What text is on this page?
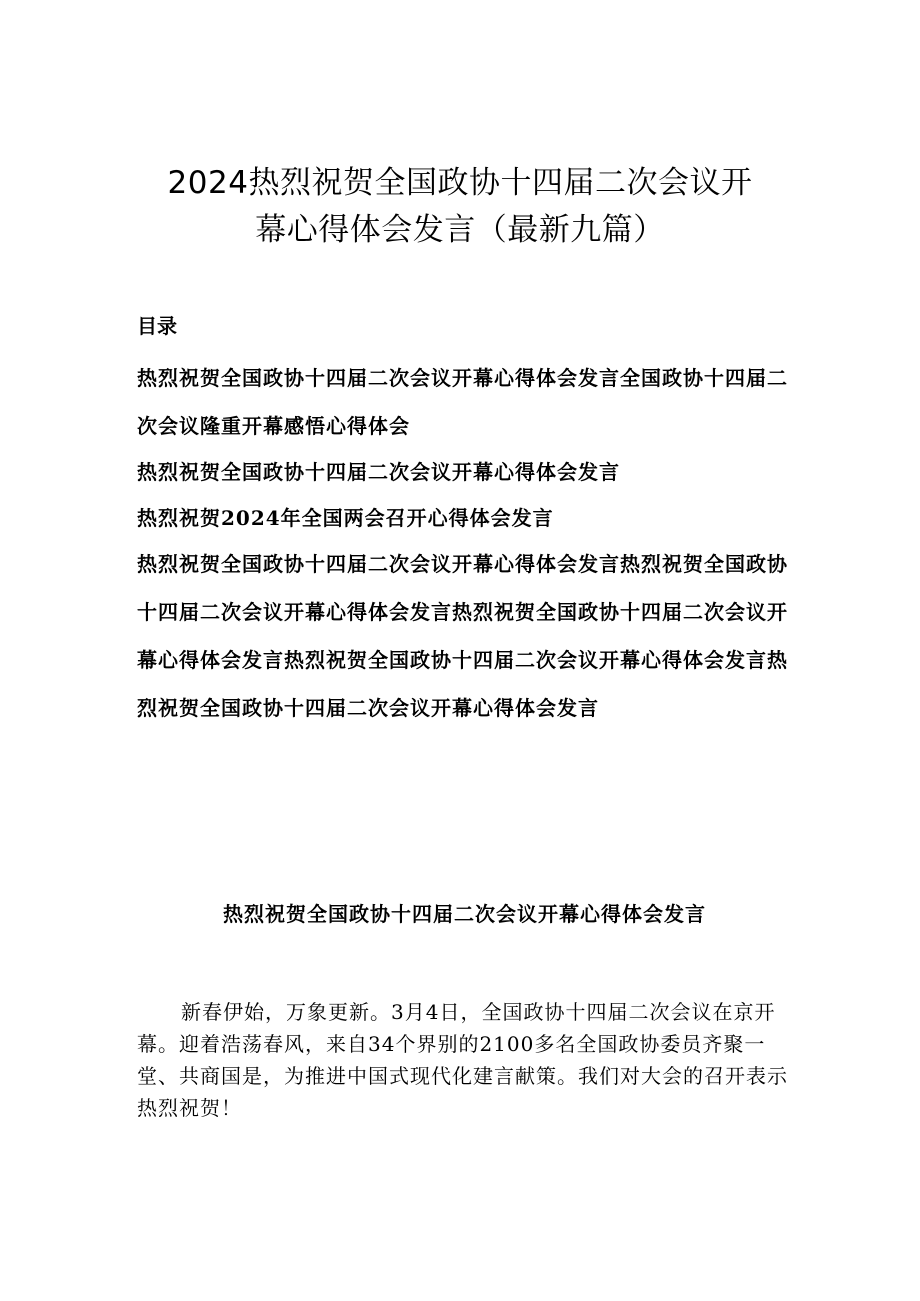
2024热烈祝贺全国政协十四届二次会议开
幕心得体会发言（最新九篇）
目录
热烈祝贺全国政协十四届二次会议开幕心得体会发言全国政协十四届二次会议隆重开幕感悟心得体会
热烈祝贺全国政协十四届二次会议开幕心得体会发言
热烈祝贺2024年全国两会召开心得体会发言
热烈祝贺全国政协十四届二次会议开幕心得体会发言热烈祝贺全国政协十四届二次会议开幕心得体会发言热烈祝贺全国政协十四届二次会议开幕心得体会发言热烈祝贺全国政协十四届二次会议开幕心得体会发言热烈祝贺全国政协十四届二次会议开幕心得体会发言
热烈祝贺全国政协十四届二次会议开幕心得体会发言

新春伊始，万象更新。3月4日，全国政协十四届二次会议在京开幕。迎着浩荡春风，来自34个界别的2100多名全国政协委员齐聚一堂、共商国是，为推进中国式现代化建言献策。我们对大会的召开表示热烈祝贺！
